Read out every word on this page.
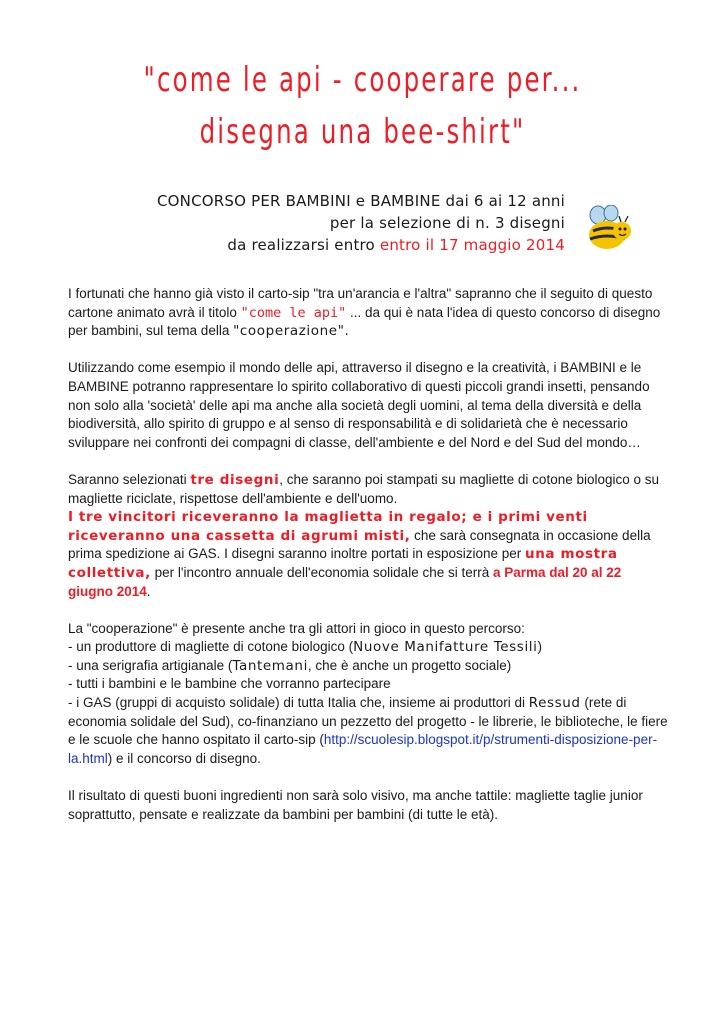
"come le api - cooperare per...
disegna una bee-shirt"
CONCORSO PER BAMBINI e BAMBINE dai 6 ai 12 anni
per la selezione di n. 3 disegni
da realizzarsi entro entro il 17 maggio 2014

I fortunati che hanno già visto il carto-sip "tra un'arancia e l'altra" sapranno che il seguito di questo cartone animato avrà il titolo "come le api" ... da qui è nata l'idea di questo concorso di disegno per bambini, sul tema della "cooperazione".

Utilizzando come esempio il mondo delle api, attraverso il disegno e la creatività, i BAMBINI e le BAMBINE potranno rappresentare lo spirito collaborativo di questi piccoli grandi insetti, pensando non solo alla 'società' delle api ma anche alla società degli uomini, al tema della diversità e della biodiversità, allo spirito di gruppo e al senso di responsabilità e di solidarietà che è necessario sviluppare nei confronti dei compagni di classe, dell'ambiente e del Nord e del Sud del mondo…

Saranno selezionati tre disegni, che saranno poi stampati su magliette di cotone biologico o su magliette riciclate, rispettose dell'ambiente e dell'uomo.
I tre vincitori riceveranno la maglietta in regalo; e i primi venti riceveranno una cassetta di agrumi misti, che sarà consegnata in occasione della prima spedizione ai GAS. I disegni saranno inoltre portati in esposizione per una mostra collettiva, per l'incontro annuale dell'economia solidale che si terrà a Parma dal 20 al 22 giugno 2014.

La "cooperazione" è presente anche tra gli attori in gioco in questo percorso:
- un produttore di magliette di cotone biologico (Nuove Manifatture Tessili)
- una serigrafia artigianale (Tantemani, che è anche un progetto sociale)
- tutti i bambini e le bambine che vorranno partecipare
- i GAS (gruppi di acquisto solidale) di tutta Italia che, insieme ai produttori di Ressud (rete di economia solidale del Sud), co-finanziano un pezzetto del progetto - le librerie, le biblioteche, le fiere e le scuole che hanno ospitato il carto-sip (http://scuolesip.blogspot.it/p/strumenti-disposizione-per-la.html) e il concorso di disegno.

Il risultato di questi buoni ingredienti non sarà solo visivo, ma anche tattile: magliette taglie junior soprattutto, pensate e realizzate da bambini per bambini (di tutte le età).
